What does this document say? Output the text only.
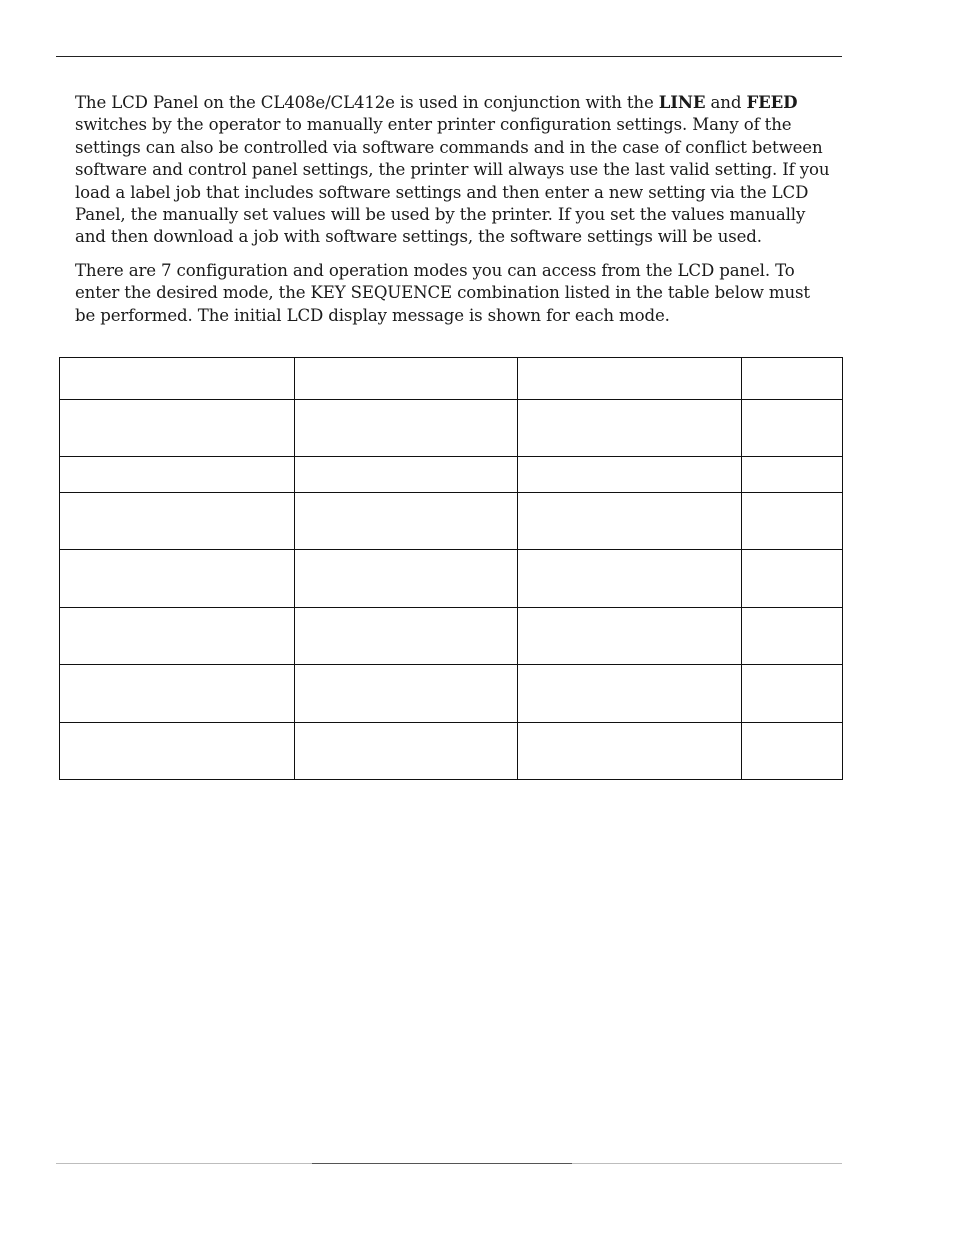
The LCD Panel on the CL408e/CL412e is used in conjunction with the LINE and FEED switches by the operator to manually enter printer configuration settings. Many of the settings can also be controlled via software commands and in the case of conflict between software and control panel settings, the printer will always use the last valid setting. If you load a label job that includes software settings and then enter a new setting via the LCD Panel, the manually set values will be used by the printer. If you set the values manually and then download a job with software settings, the software settings will be used.

There are 7 configuration and operation modes you can access from the LCD panel. To enter the desired mode, the KEY SEQUENCE combination listed in the table below must be performed. The initial LCD display message is shown for each mode.
